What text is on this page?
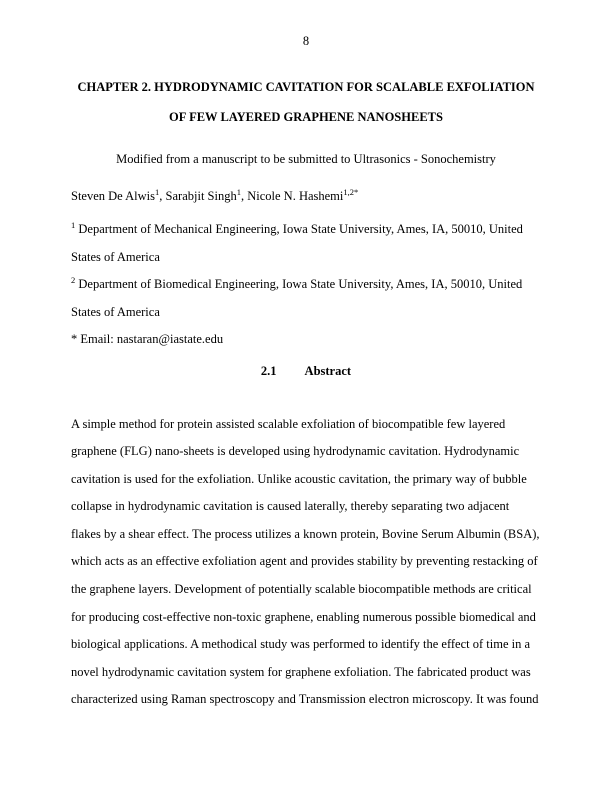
8
CHAPTER 2. HYDRODYNAMIC CAVITATION FOR SCALABLE EXFOLIATION
OF FEW LAYERED GRAPHENE NANOSHEETS
Modified from a manuscript to be submitted to Ultrasonics - Sonochemistry
Steven De Alwis$^1$, Sarabjit Singh$^1$, Nicole N. Hashemi$^{1,2*}$
$^1$ Department of Mechanical Engineering, Iowa State University, Ames, IA, 50010, United States of America
$^2$ Department of Biomedical Engineering, Iowa State University, Ames, IA, 50010, United States of America
* Email: nastaran@iastate.edu
2.1 Abstract
A simple method for protein assisted scalable exfoliation of biocompatible few layered graphene (FLG) nano-sheets is developed using hydrodynamic cavitation. Hydrodynamic cavitation is used for the exfoliation. Unlike acoustic cavitation, the primary way of bubble collapse in hydrodynamic cavitation is caused laterally, thereby separating two adjacent flakes by a shear effect. The process utilizes a known protein, Bovine Serum Albumin (BSA), which acts as an effective exfoliation agent and provides stability by preventing restacking of the graphene layers. Development of potentially scalable biocompatible methods are critical for producing cost-effective non-toxic graphene, enabling numerous possible biomedical and biological applications. A methodical study was performed to identify the effect of time in a novel hydrodynamic cavitation system for graphene exfoliation. The fabricated product was characterized using Raman spectroscopy and Transmission electron microscopy. It was found
